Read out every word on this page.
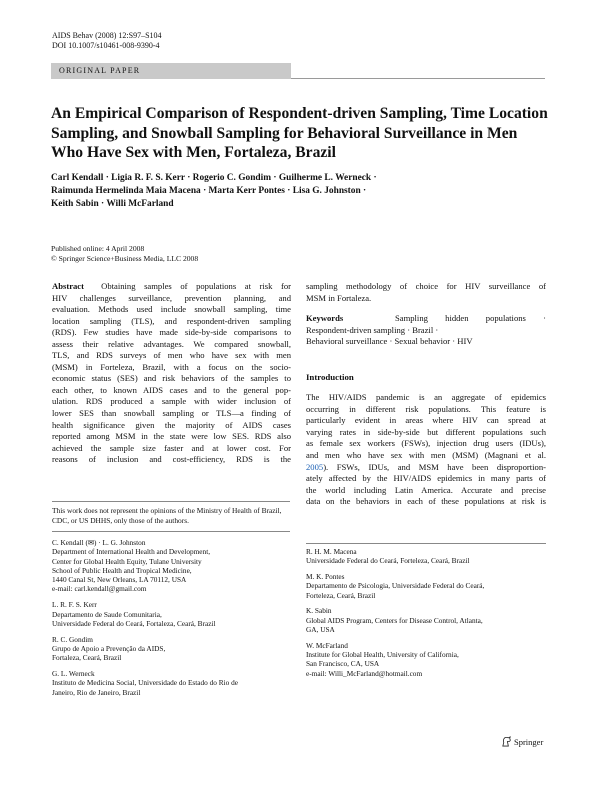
AIDS Behav (2008) 12:S97–S104
DOI 10.1007/s10461-008-9390-4
ORIGINAL PAPER
An Empirical Comparison of Respondent-driven Sampling, Time Location Sampling, and Snowball Sampling for Behavioral Surveillance in Men Who Have Sex with Men, Fortaleza, Brazil
Carl Kendall · Ligia R. F. S. Kerr · Rogerio C. Gondim · Guilherme L. Werneck ·
Raimunda Hermelinda Maia Macena · Marta Kerr Pontes · Lisa G. Johnston ·
Keith Sabin · Willi McFarland
Published online: 4 April 2008
© Springer Science+Business Media, LLC 2008
Abstract Obtaining samples of populations at risk for
HIV challenges surveillance, prevention planning, and
evaluation. Methods used include snowball sampling, time
location sampling (TLS), and respondent-driven sampling
(RDS). Few studies have made side-by-side comparisons to
assess their relative advantages. We compared snowball,
TLS, and RDS surveys of men who have sex with men
(MSM) in Forteleza, Brazil, with a focus on the socio-
economic status (SES) and risk behaviors of the samples to
each other, to known AIDS cases and to the general pop-
ulation. RDS produced a sample with wider inclusion of
lower SES than snowball sampling or TLS—a finding of
health significance given the majority of AIDS cases
reported among MSM in the state were low SES. RDS also
achieved the sample size faster and at lower cost. For
reasons of inclusion and cost-efficiency, RDS is the
This work does not represent the opinions of the Ministry of Health of Brazil, CDC, or US DHHS, only those of the authors.

C. Kendall (✉) · L. G. Johnston
Department of International Health and Development,
Center for Global Health Equity, Tulane University
School of Public Health and Tropical Medicine,
1440 Canal St, New Orleans, LA 70112, USA
e-mail: carl.kendall@gmail.com

L. R. F. S. Kerr
Departamento de Saude Comunitaria,
Universidade Federal do Ceará, Fortaleza, Ceará, Brazil

R. C. Gondim
Grupo de Apoio a Prevenção da AIDS,
Fortaleza, Ceará, Brazil

G. L. Werneck
Instituto de Medicina Social, Universidade do Estado do Rio de
Janeiro, Rio de Janeiro, Brazil

sampling methodology of choice for HIV surveillance of
MSM in Fortaleza.
Keywords	Sampling hidden populations ·
Respondent-driven sampling · Brazil ·
Behavioral surveillance · Sexual behavior · HIV
Introduction
The HIV/AIDS pandemic is an aggregate of epidemics
occurring in different risk populations. This feature is
particularly evident in areas where HIV can spread at
varying rates in side-by-side but different populations such
as female sex workers (FSWs), injection drug users (IDUs),
and men who have sex with men (MSM) (Magnani et al.
2005). FSWs, IDUs, and MSM have been disproportion-
ately affected by the HIV/AIDS epidemics in many parts of
the world including Latin America. Accurate and precise
data on the behaviors in each of these populations at risk is

R. H. M. Macena
Universidade Federal do Ceará, Forteleza, Ceará, Brazil

M. K. Pontes
Departamento de Psicologia, Universidade Federal do Ceará,
Forteleza, Ceará, Brazil

K. Sabin
Global AIDS Program, Centers for Disease Control, Atlanta,
GA, USA

W. McFarland
Institute for Global Health, University of California,
San Francisco, CA, USA
e-mail: Willi_McFarland@hotmail.com

Springer
